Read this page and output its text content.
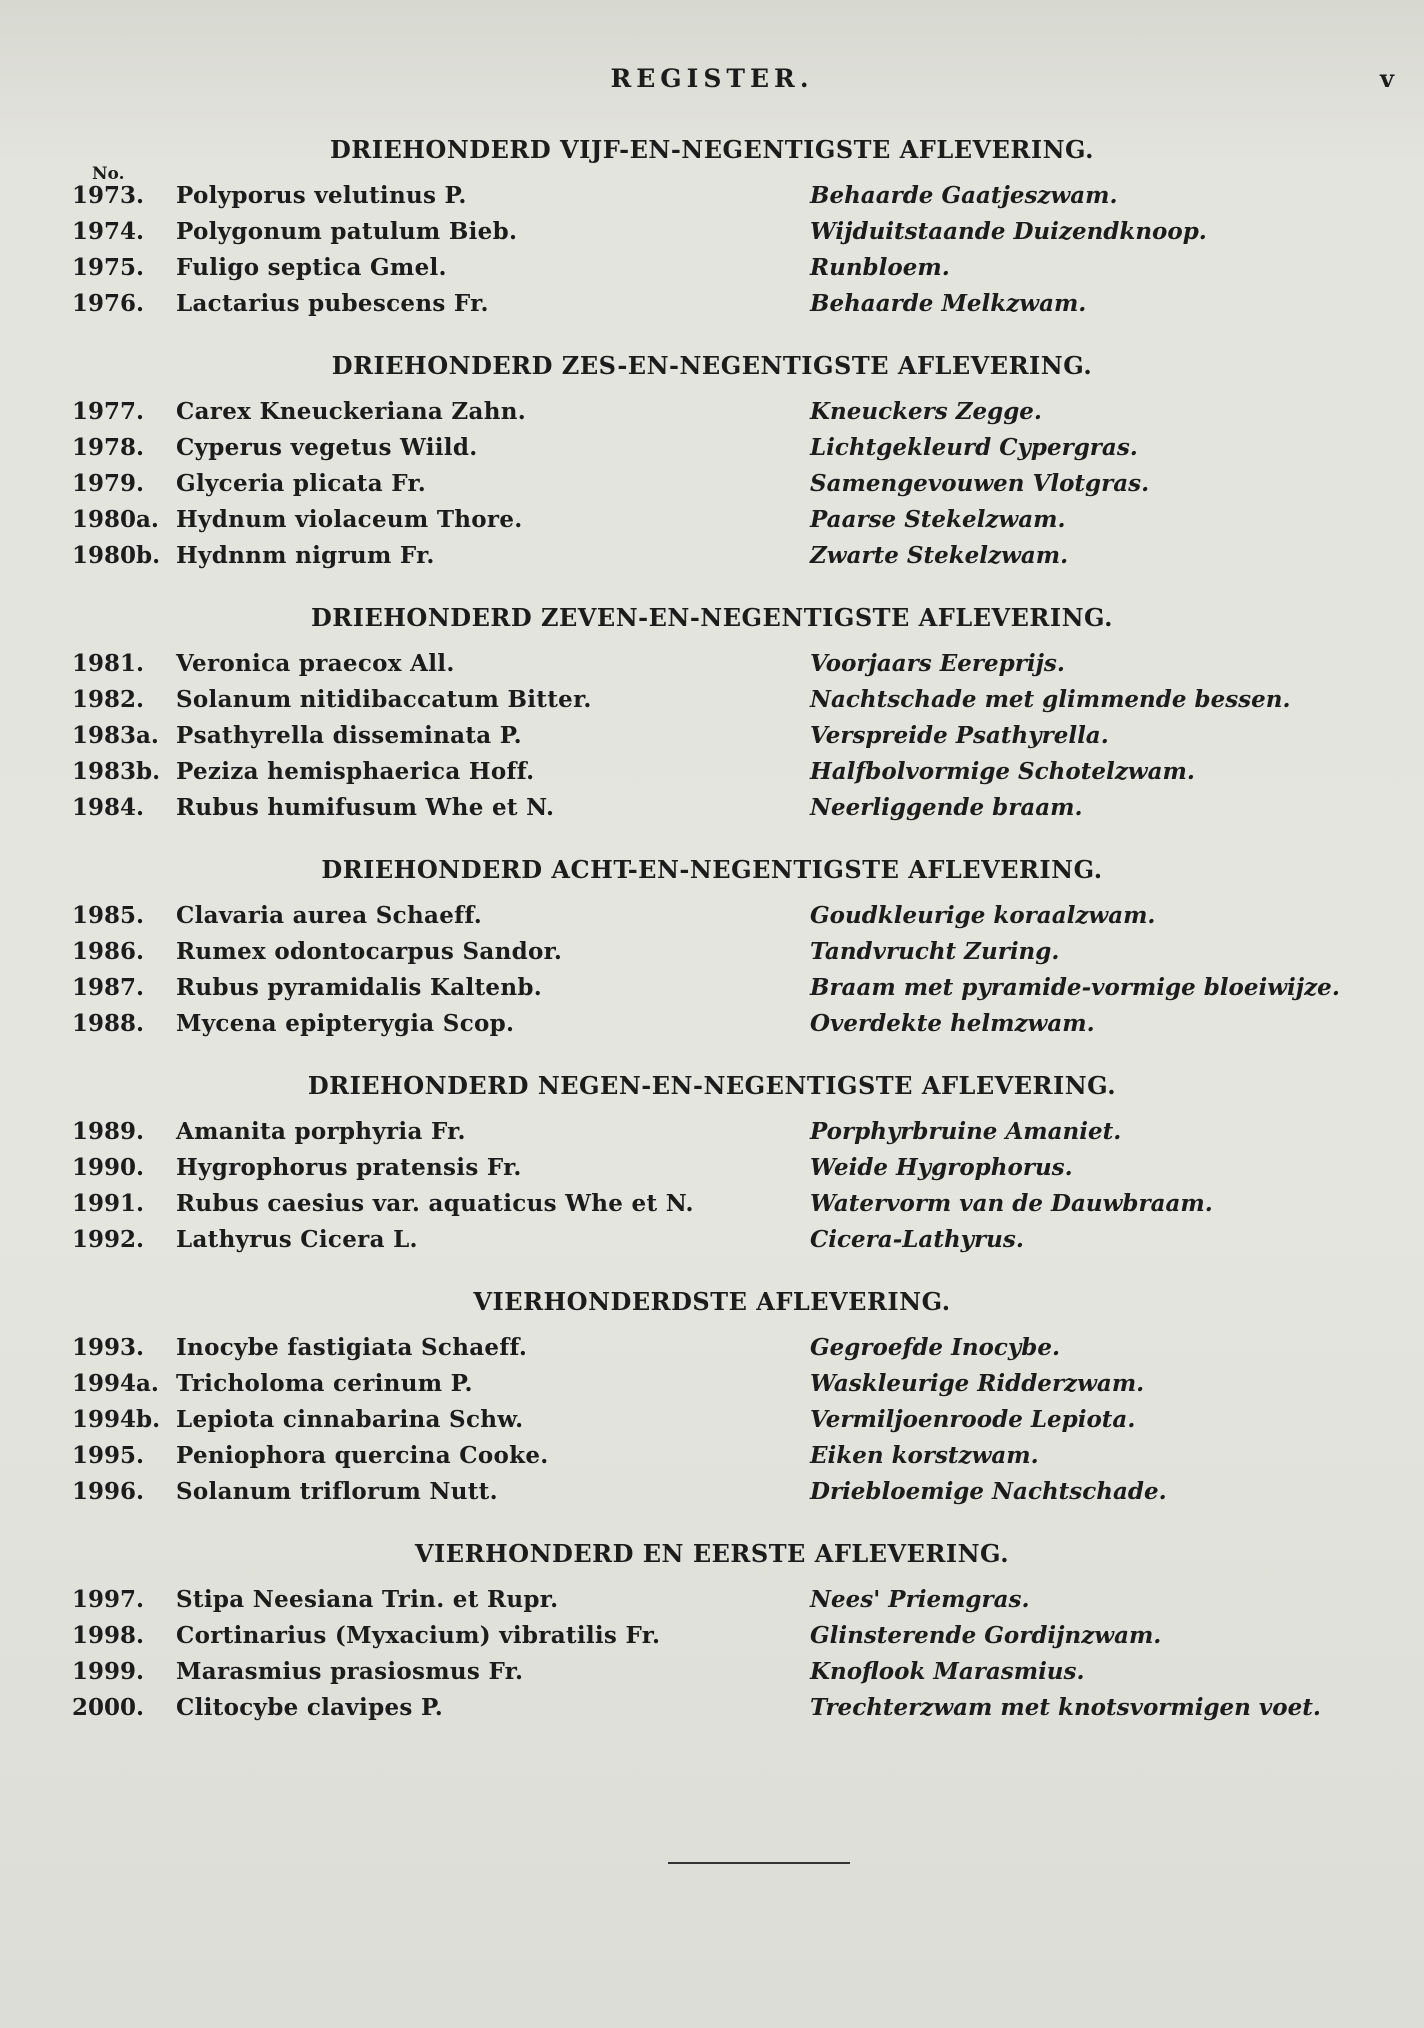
REGISTER.	v
No.
DRIEHONDERD VIJF-EN-NEGENTIGSTE AFLEVERING.
1973.	Polyporus velutinus P.	Behaarde Gaatjeszwam.
1974.	Polygonum patulum Bieb.	Wijduitstaande Duizendknoop.
1975.	Fuligo septica Gmel.	Runbloem.
1976.	Lactarius pubescens Fr.	Behaarde Melkzwam.
DRIEHONDERD ZES-EN-NEGENTIGSTE AFLEVERING.
1977.	Carex Kneuckeriana Zahn.	Kneuckers Zegge.
1978.	Cyperus vegetus Wiild.	Lichtgekleurd Cypergras.
1979.	Glyceria plicata Fr.	Samengevouwen Vlotgras.
1980a. Hydnum violaceum Thore.	Paarse Stekelzwam.
1980b. Hydnnm nigrum Fr.	Zwarte Stekelzwam.
DRIEHONDERD ZEVEN-EN-NEGENTIGSTE AFLEVERING.
1981.	Veronica praecox All.	Voorjaars Eereprijs.
1982.	Solanum nitidibaccatum Bitter.	Nachtschade met glimmende bessen.
1983a. Psathyrella disseminata P.	Verspreide Psathyrella.
1983b. Peziza hemisphaerica Hoff.	Halfbolvormige Schotelzwam.
1984.	Rubus humifusum Whe et N.	Neerliggende braam.
DRIEHONDERD ACHT-EN-NEGENTIGSTE AFLEVERING.
1985.	Clavaria aurea Schaeff.	Goudkleurige koraalzwam.
1986.	Rumex odontocarpus Sandor.	Tandvrucht Zuring.
1987.	Rubus pyramidalis Kaltenb.	Braam met pyramide-vormige bloeiwijze.
1988.	Mycena epipterygia Scop.	Overdekte helmzwam.
DRIEHONDERD NEGEN-EN-NEGENTIGSTE AFLEVERING.
1989.	Amanita porphyria Fr.	Porphyrbruine Amaniet.
1990.	Hygrophorus pratensis Fr.	Weide Hygrophorus.
1991.	Rubus caesius var. aquaticus Whe et N.	Watervorm van de Dauwbraam.
1992.	Lathyrus Cicera L.	Cicera-Lathyrus.
VIERHONDERDSTE AFLEVERING.
1993.	Inocybe fastigiata Schaeff.	Gegroefde Inocybe.
1994a. Tricholoma cerinum P.	Waskleurige Ridderzwam.
1994b. Lepiota cinnabarina Schw.	Vermiljoenroode Lepiota.
1995.	Peniophora quercina Cooke.	Eiken korstzwam.
1996.	Solanum triflorum Nutt.	Driebloemige Nachtschade.
VIERHONDERD EN EERSTE AFLEVERING.
1997.	Stipa Neesiana Trin. et Rupr.	Nees' Priemgras.
1998.	Cortinarius (Myxacium) vibratilis Fr.	Glinsterende Gordijnzwam.
1999.	Marasmius prasiosmus Fr.	Knoflook Marasmius.
2000.	Clitocybe clavipes P.	Trechterzwam met knotsvormigen voet.
